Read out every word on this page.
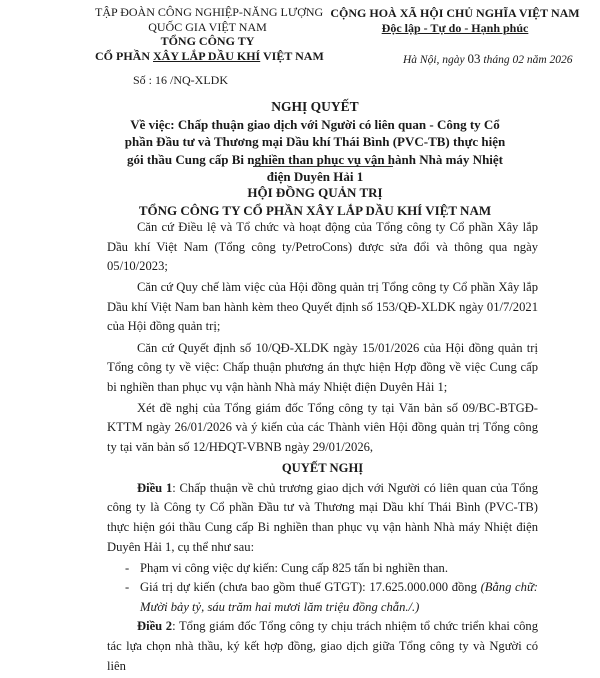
TẬP ĐOÀN CÔNG NGHIỆP-NĂNG LƯỢNG
QUỐC GIA VIỆT NAM
TỔNG CÔNG TY
CỔ PHẦN XÂY LẮP DẦU KHÍ VIỆT NAM
Số : 16 /NQ-XLDK
CỘNG HOÀ XÃ HỘI CHỦ NGHĨA VIỆT NAM
Độc lập - Tự do - Hạnh phúc
Hà Nội, ngày 03 tháng 02 năm 2026
NGHỊ QUYẾT
Về việc: Chấp thuận giao dịch với Người có liên quan - Công ty Cổ phần Đầu tư và Thương mại Dầu khí Thái Bình (PVC-TB) thực hiện gói thầu Cung cấp Bi nghiền than phục vụ vận hành Nhà máy Nhiệt điện Duyên Hải 1
HỘI ĐỒNG QUẢN TRỊ
TỔNG CÔNG TY CỔ PHẦN XÂY LẮP DẦU KHÍ VIỆT NAM

Căn cứ Điều lệ và Tổ chức và hoạt động của Tổng công ty Cổ phần Xây lắp Dầu khí Việt Nam (Tổng công ty/PetroCons) được sửa đổi và thông qua ngày 05/10/2023;

Căn cứ Quy chế làm việc của Hội đồng quản trị Tổng công ty Cổ phần Xây lắp Dầu khí Việt Nam ban hành kèm theo Quyết định số 153/QĐ-XLDK ngày 01/7/2021 của Hội đồng quản trị;

Căn cứ Quyết định số 10/QĐ-XLDK ngày 15/01/2026 của Hội đồng quản trị Tổng công ty về việc: Chấp thuận phương án thực hiện Hợp đồng về việc Cung cấp bi nghiền than phục vụ vận hành Nhà máy Nhiệt điện Duyên Hải 1;

Xét đề nghị của Tổng giám đốc Tổng công ty tại Văn bản số 09/BC-BTGĐ-KTTM ngày 26/01/2026 và ý kiến của các Thành viên Hội đồng quản trị Tổng công ty tại văn bản số 12/HĐQT-VBNB ngày 29/01/2026,

QUYẾT NGHỊ

Điều 1: Chấp thuận về chủ trương giao dịch với Người có liên quan của Tổng công ty là Công ty Cổ phần Đầu tư và Thương mại Dầu khí Thái Bình (PVC-TB) thực hiện gói thầu Cung cấp Bi nghiền than phục vụ vận hành Nhà máy Nhiệt điện Duyên Hải 1, cụ thể như sau:

- Phạm vi công việc dự kiến: Cung cấp 825 tấn bi nghiền than.
- Giá trị dự kiến (chưa bao gồm thuế GTGT): 17.625.000.000 đồng (Bằng chữ: Mười bảy tỷ, sáu trăm hai mươi lăm triệu đồng chẵn./.)

Điều 2: Tổng giám đốc Tổng công ty chịu trách nhiệm tổ chức triển khai công tác lựa chọn nhà thầu, ký kết hợp đồng, giao dịch giữa Tổng công ty và Người có liên
